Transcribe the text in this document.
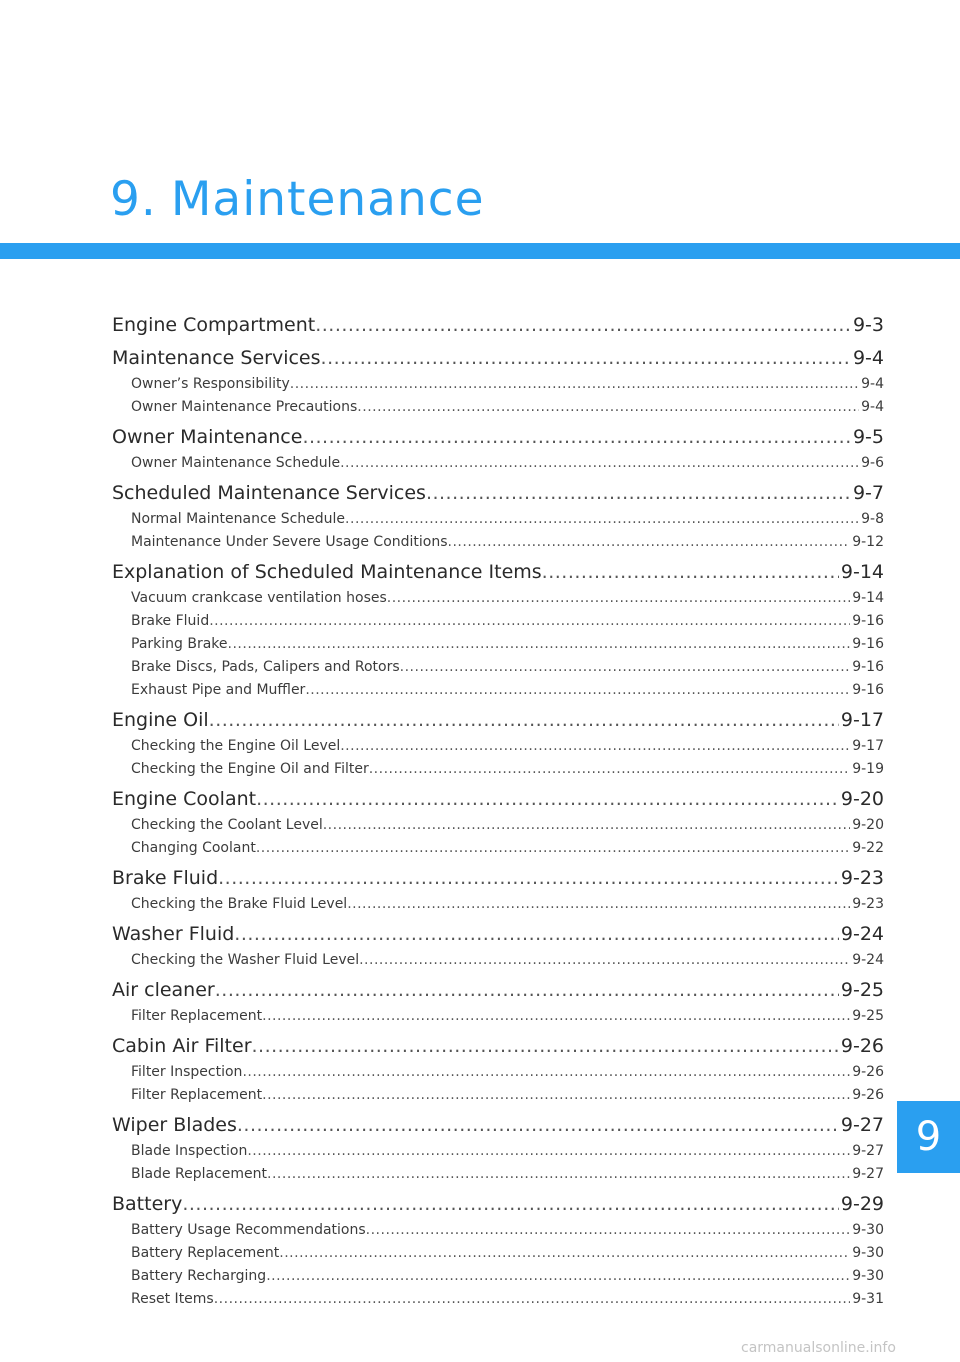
9. Maintenance
Engine Compartment .....	9-3
Maintenance Services .....	9-4
Owner’s Responsibility .....	9-4
Owner Maintenance Precautions .....	9-4
Owner Maintenance .....	9-5
Owner Maintenance Schedule .....	9-6
Scheduled Maintenance Services .....	9-7
Normal Maintenance Schedule .....	9-8
Maintenance Under Severe Usage Conditions .....	9-12
Explanation of Scheduled Maintenance Items .....	9-14
Vacuum crankcase ventilation hoses .....	9-14
Brake Fluid .....	9-16
Parking Brake .....	9-16
Brake Discs, Pads, Calipers and Rotors .....	9-16
Exhaust Pipe and Muffler .....	9-16
Engine Oil .....	9-17
Checking the Engine Oil Level .....	9-17
Checking the Engine Oil and Filter .....	9-19
Engine Coolant .....	9-20
Checking the Coolant Level .....	9-20
Changing Coolant .....	9-22
Brake Fluid .....	9-23
Checking the Brake Fluid Level .....	9-23
Washer Fluid .....	9-24
Checking the Washer Fluid Level .....	9-24
Air cleaner .....	9-25
Filter Replacement .....	9-25
Cabin Air Filter .....	9-26
Filter Inspection .....	9-26
Filter Replacement .....	9-26
Wiper Blades .....	9-27
Blade Inspection .....	9-27
Blade Replacement .....	9-27
Battery .....	9-29
Battery Usage Recommendations .....	9-30
Battery Replacement .....	9-30
Battery Recharging .....	9-30
Reset Items .....	9-31
9
carmanualsonline.info
